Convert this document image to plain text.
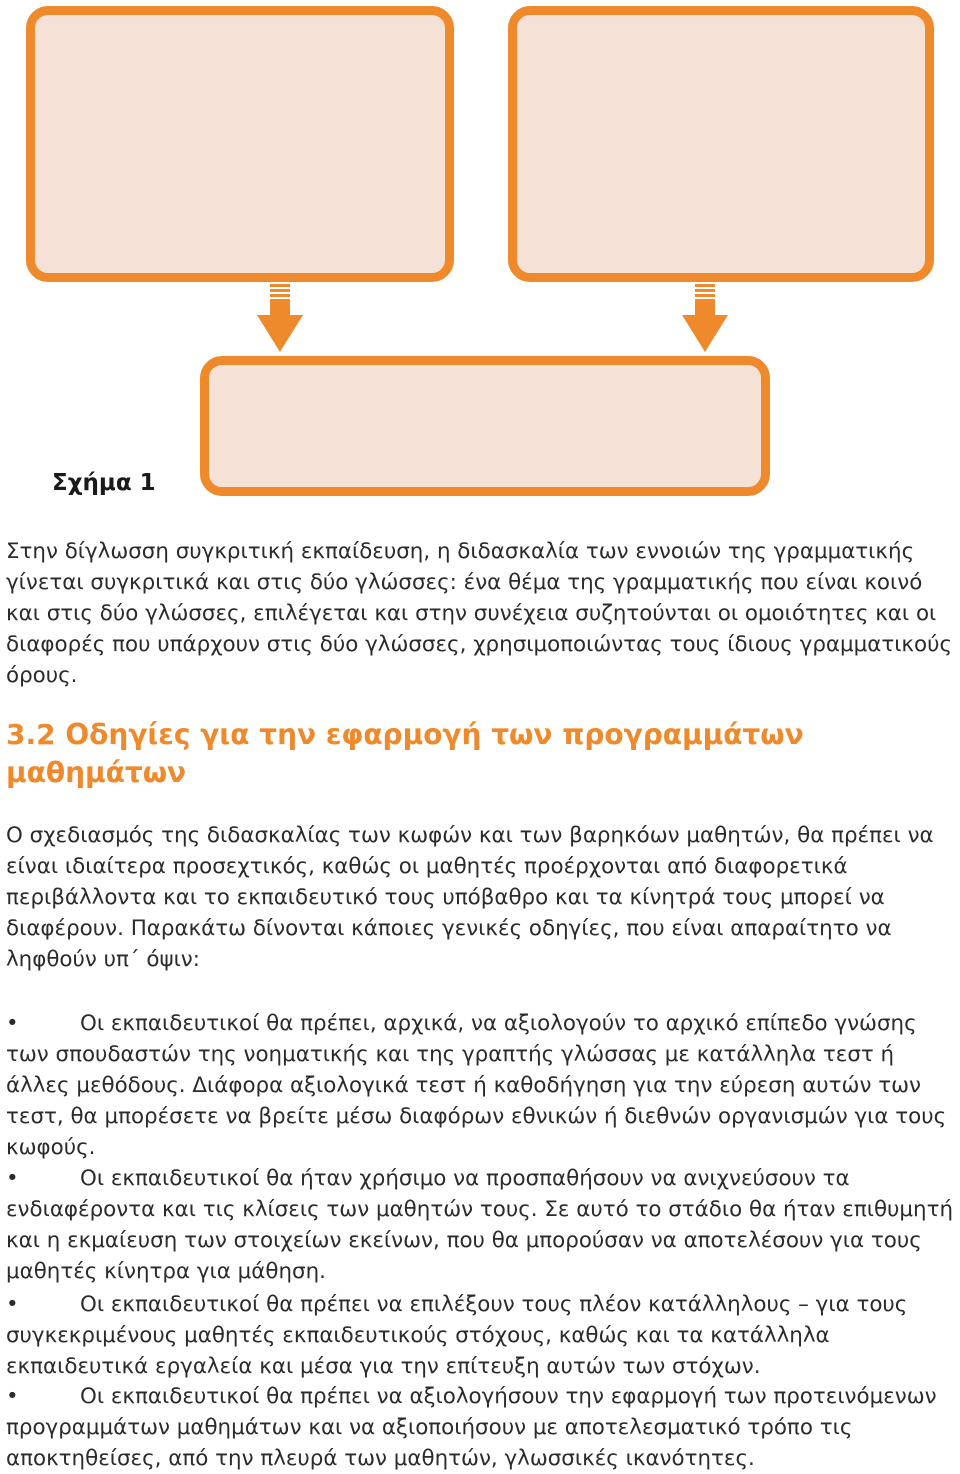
Σχήμα 1

Στην δίγλωσση συγκριτική εκπαίδευση, η διδασκαλία των εννοιών της γραμματικής γίνεται συγκριτικά και στις δύο γλώσσες: ένα θέμα της γραμματικής που είναι κοινό και στις δύο γλώσσες, επιλέγεται και στην συνέχεια συζητούνται οι ομοιότητες και οι διαφορές που υπάρχουν στις δύο γλώσσες, χρησιμοποιώντας τους ίδιους γραμματικούς όρους.

3.2 Οδηγίες για την εφαρμογή των προγραμμάτων μαθημάτων

Ο σχεδιασμός της διδασκαλίας των κωφών και των βαρηκόων μαθητών, θα πρέπει να είναι ιδιαίτερα προσεχτικός, καθώς οι μαθητές προέρχονται από διαφορετικά περιβάλλοντα και το εκπαιδευτικό τους υπόβαθρο και τα κίνητρά τους μπορεί να διαφέρουν. Παρακάτω δίνονται κάποιες γενικές οδηγίες, που είναι απαραίτητο να ληφθούν υπ΄ όψιν:

•	Οι εκπαιδευτικοί θα πρέπει, αρχικά, να αξιολογούν το αρχικό επίπεδο γνώσης των σπουδαστών της νοηματικής και της γραπτής γλώσσας με κατάλληλα τεστ ή άλλες μεθόδους. Διάφορα αξιολογικά τεστ ή καθοδήγηση για την εύρεση αυτών των τεστ, θα μπορέσετε να βρείτε μέσω διαφόρων εθνικών ή διεθνών οργανισμών για τους κωφούς.

•	Οι εκπαιδευτικοί θα ήταν χρήσιμο να προσπαθήσουν να ανιχνεύσουν τα ενδιαφέροντα και τις κλίσεις των μαθητών τους. Σε αυτό το στάδιο θα ήταν επιθυμητή και η εκμαίευση των στοιχείων εκείνων, που θα μπορούσαν να αποτελέσουν για τους μαθητές κίνητρα για μάθηση.

•	Οι εκπαιδευτικοί θα πρέπει να επιλέξουν τους πλέον κατάλληλους – για τους συγκεκριμένους μαθητές εκπαιδευτικούς στόχους, καθώς και τα κατάλληλα εκπαιδευτικά εργαλεία και μέσα για την επίτευξη αυτών των στόχων.

•	Οι εκπαιδευτικοί θα πρέπει να αξιολογήσουν την εφαρμογή των προτεινόμενων προγραμμάτων μαθημάτων και να αξιοποιήσουν με αποτελεσματικό τρόπο τις αποκτηθείσες, από την πλευρά των μαθητών, γλωσσικές ικανότητες.
